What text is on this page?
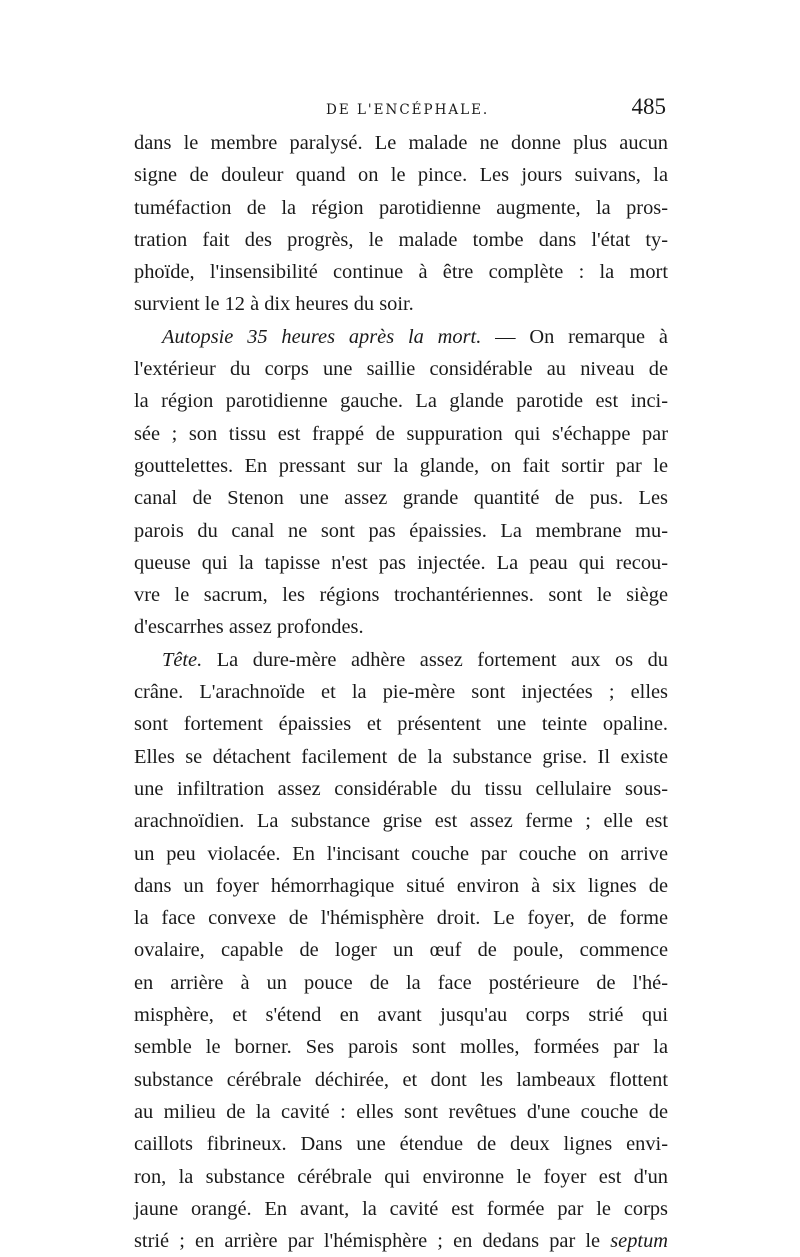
DE L'ENCÉPHALE.	485
dans le membre paralysé. Le malade ne donne plus aucun
signe de douleur quand on le pince. Les jours suivans, la
tuméfaction de la région parotidienne augmente, la pros-
tration fait des progrès, le malade tombe dans l'état ty-
phoïde, l'insensibilité continue à être complète : la mort
survient le 12 à dix heures du soir.
Autopsie 35 heures après la mort. — On remarque à
l'extérieur du corps une saillie considérable au niveau de
la région parotidienne gauche. La glande parotide est inci-
sée ; son tissu est frappé de suppuration qui s'échappe par
gouttelettes. En pressant sur la glande, on fait sortir par le
canal de Stenon une assez grande quantité de pus. Les
parois du canal ne sont pas épaissies. La membrane mu-
queuse qui la tapisse n'est pas injectée. La peau qui recou-
vre le sacrum, les régions trochantériennes. sont le siège
d'escarrhes assez profondes.
Tête. La dure-mère adhère assez fortement aux os du
crâne. L'arachnoïde et la pie-mère sont injectées ; elles
sont fortement épaissies et présentent une teinte opaline.
Elles se détachent facilement de la substance grise. Il existe
une infiltration assez considérable du tissu cellulaire sous-
arachnoïdien. La substance grise est assez ferme ; elle est
un peu violacée. En l'incisant couche par couche on arrive
dans un foyer hémorrhagique situé environ à six lignes de
la face convexe de l'hémisphère droit. Le foyer, de forme
ovalaire, capable de loger un œuf de poule, commence
en arrière à un pouce de la face postérieure de l'hé-
misphère, et s'étend en avant jusqu'au corps strié qui
semble le borner. Ses parois sont molles, formées par la
substance cérébrale déchirée, et dont les lambeaux flottent
au milieu de la cavité : elles sont revêtues d'une couche de
caillots fibrineux. Dans une étendue de deux lignes envi-
ron, la substance cérébrale qui environne le foyer est d'un
jaune orangé. En avant, la cavité est formée par le corps
strié ; en arrière par l'hémisphère ; en dedans par le septum
